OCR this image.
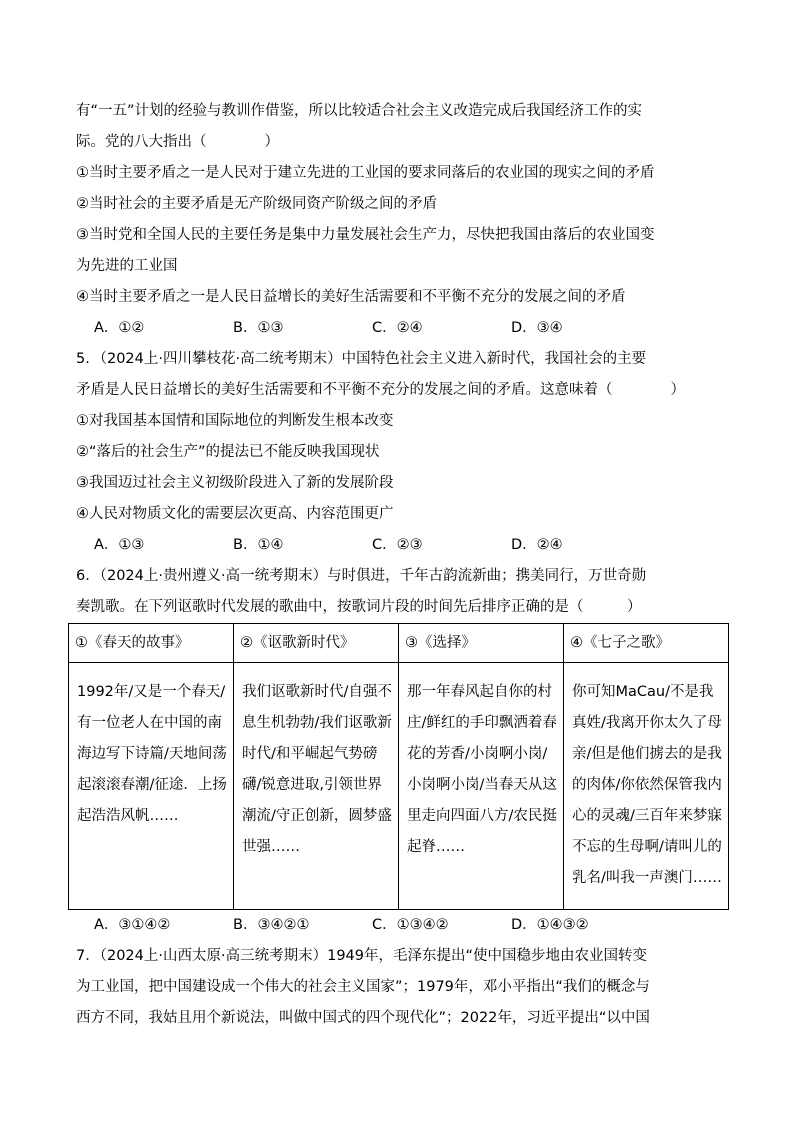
有“一五”计划的经验与教训作借鉴，所以比较适合社会主义改造完成后我国经济工作的实
际。党的八大指出（　　　　）
①当时主要矛盾之一是人民对于建立先进的工业国的要求同落后的农业国的现实之间的矛盾
②当时社会的主要矛盾是无产阶级同资产阶级之间的矛盾
③当时党和全国人民的主要任务是集中力量发展社会生产力，尽快把我国由落后的农业国变
为先进的工业国
④当时主要矛盾之一是人民日益增长的美好生活需要和不平衡不充分的发展之间的矛盾
A．①②	B．①③	C．②④	D．③④
5．（2024上·四川攀枝花·高二统考期末）中国特色社会主义进入新时代，我国社会的主要
矛盾是人民日益增长的美好生活需要和不平衡不充分的发展之间的矛盾。这意味着（　　　　）
①对我国基本国情和国际地位的判断发生根本改变
②“落后的社会生产”的提法已不能反映我国现状
③我国迈过社会主义初级阶段进入了新的发展阶段
④人民对物质文化的需要层次更高、内容范围更广
A．①③	B．①④	C．②③	D．②④
6．（2024上·贵州遵义·高一统考期末）与时俱进，千年古韵流新曲；携美同行，万世奇勋
奏凯歌。在下列讴歌时代发展的歌曲中，按歌词片段的时间先后排序正确的是（　　　）
①《春天的故事》	②《讴歌新时代》	③《选择》	④《七子之歌》

1992年/又是一个春天/有一位老人在中国的南海边写下诗篇/天地间荡起滚滚春潮/征途．上扬起浩浩风帆……	我们讴歌新时代/自强不息生机勃勃/我们讴歌新时代/和平崛起气势磅礴/锐意进取,引领世界潮流/守正创新，圆梦盛世强……	那一年春风起自你的村庄/鲜红的手印飘洒着春花的芳香/小岗啊小岗/小岗啊小岗/当春天从这里走向四面八方/农民挺起脊……	你可知MaCau/不是我真姓/我离开你太久了母亲/但是他们掳去的是我的肉体/你依然保管我内心的灵魂/三百年来梦寐不忘的生母啊/请叫儿的乳名/叫我一声澳门……
A．③①④②	B．③④②①	C．①③④②	D．①④③②
7．（2024上·山西太原·高三统考期末）1949年，毛泽东提出“使中国稳步地由农业国转变
为工业国，把中国建设成一个伟大的社会主义国家”；1979年，邓小平指出“我们的概念与
西方不同，我姑且用个新说法，叫做中国式的四个现代化”；2022年，习近平提出“以中国
